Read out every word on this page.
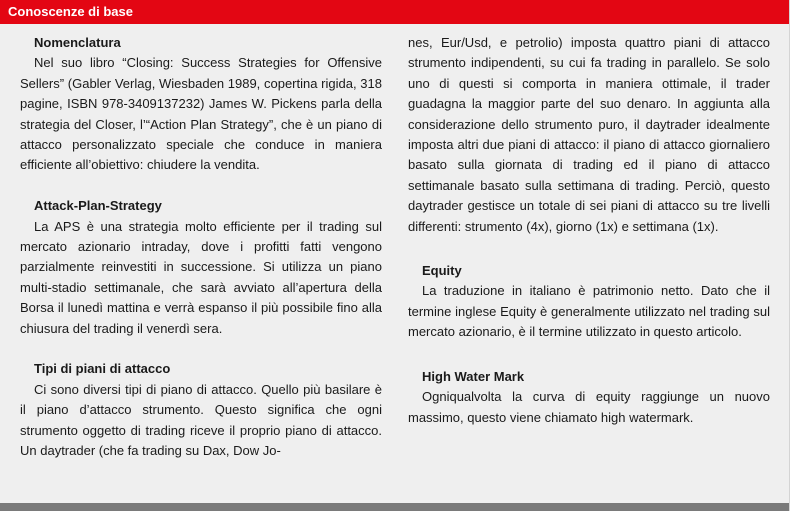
Conoscenze di base
Nomenclatura

Nel suo libro “Closing: Success Strategies for Offensive Sellers” (Gabler Verlag, Wiesbaden 1989, copertina rigida, 318 pagine, ISBN 978-3409137232) James W. Pickens parla della strategia del Closer, l’“Action Plan Strategy”, che è un piano di attacco personalizzato speciale che conduce in maniera efficiente all’obiettivo: chiudere la vendita.

Attack-Plan-Strategy

La APS è una strategia molto efficiente per il trading sul mercato azionario intraday, dove i profitti fatti vengono parzialmente reinvestiti in successione. Si utilizza un piano multi-stadio settimanale, che sarà avviato all’apertura della Borsa il lunedì mattina e verrà espanso il più possibile fino alla chiusura del trading il venerdì sera.

Tipi di piani di attacco

Ci sono diversi tipi di piano di attacco. Quello più basilare è il piano d’attacco strumento. Questo significa che ogni strumento oggetto di trading riceve il proprio piano di attacco. Un daytrader (che fa trading su Dax, Dow Jo-

nes, Eur/Usd, e petrolio) imposta quattro piani di attacco strumento indipendenti, su cui fa trading in parallelo. Se solo uno di questi si comporta in maniera ottimale, il trader guadagna la maggior parte del suo denaro. In aggiunta alla considerazione dello strumento puro, il daytrader idealmente imposta altri due piani di attacco: il piano di attacco giornaliero basato sulla giornata di trading ed il piano di attacco settimanale basato sulla settimana di trading. Perciò, questo daytrader gestisce un totale di sei piani di attacco su tre livelli differenti: strumento (4x), giorno (1x) e settimana (1x).

Equity

La traduzione in italiano è patrimonio netto. Dato che il termine inglese Equity è generalmente utilizzato nel trading sul mercato azionario, è il termine utilizzato in questo articolo.

High Water Mark

Ogniqualvolta la curva di equity raggiunge un nuovo massimo, questo viene chiamato high watermark.
